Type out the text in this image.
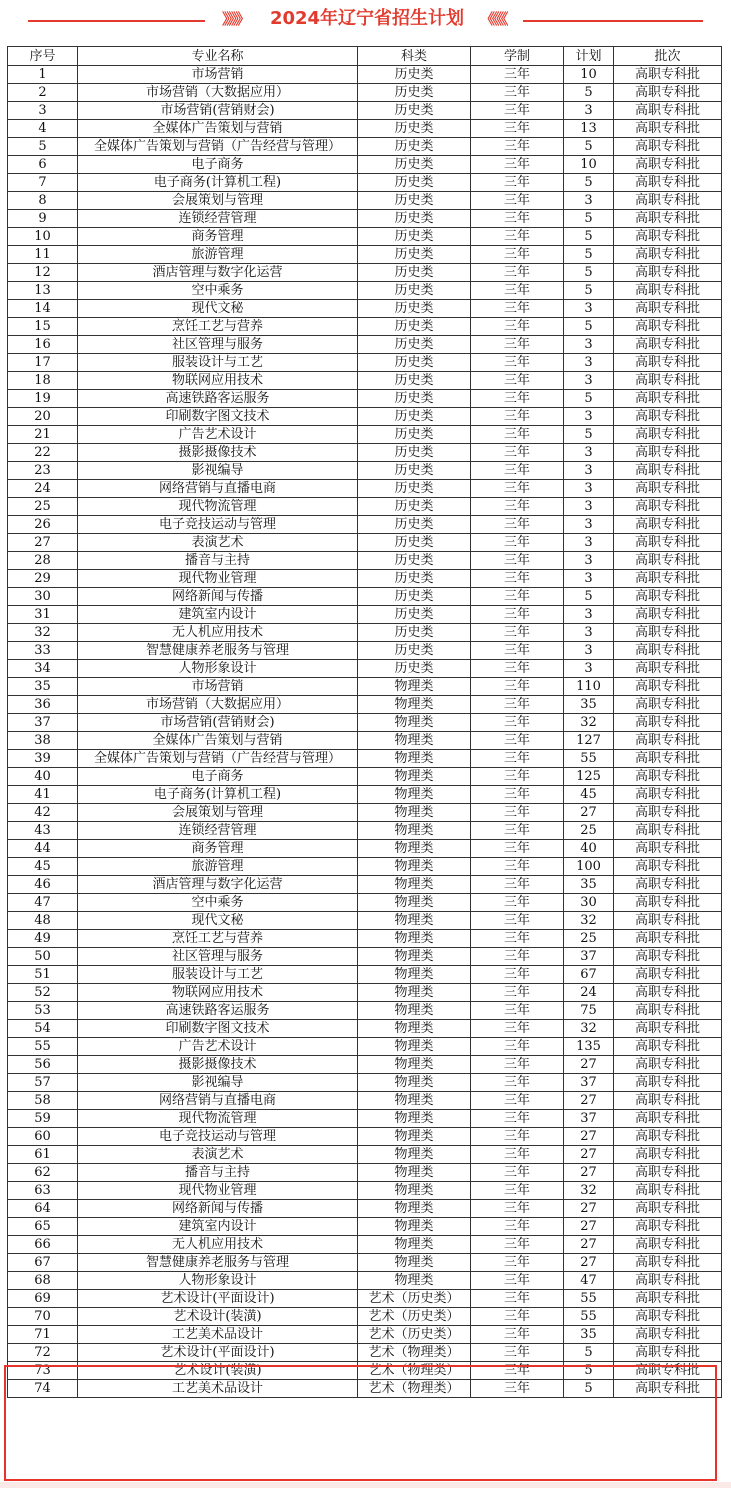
》》》》	2024年辽宁省招生计划	《《《《
序号	专业名称	科类	学制	计划	批次
1	市场营销	历史类	三年	10	高职专科批
2	市场营销（大数据应用）	历史类	三年	5	高职专科批
3	市场营销(营销财会)	历史类	三年	3	高职专科批
4	全媒体广告策划与营销	历史类	三年	13	高职专科批
5	全媒体广告策划与营销（广告经营与管理）	历史类	三年	5	高职专科批
6	电子商务	历史类	三年	10	高职专科批
7	电子商务(计算机工程)	历史类	三年	5	高职专科批
8	会展策划与管理	历史类	三年	3	高职专科批
9	连锁经营管理	历史类	三年	5	高职专科批
10	商务管理	历史类	三年	5	高职专科批
11	旅游管理	历史类	三年	5	高职专科批
12	酒店管理与数字化运营	历史类	三年	5	高职专科批
13	空中乘务	历史类	三年	5	高职专科批
14	现代文秘	历史类	三年	3	高职专科批
15	烹饪工艺与营养	历史类	三年	5	高职专科批
16	社区管理与服务	历史类	三年	3	高职专科批
17	服装设计与工艺	历史类	三年	3	高职专科批
18	物联网应用技术	历史类	三年	3	高职专科批
19	高速铁路客运服务	历史类	三年	5	高职专科批
20	印刷数字图文技术	历史类	三年	3	高职专科批
21	广告艺术设计	历史类	三年	5	高职专科批
22	摄影摄像技术	历史类	三年	3	高职专科批
23	影视编导	历史类	三年	3	高职专科批
24	网络营销与直播电商	历史类	三年	3	高职专科批
25	现代物流管理	历史类	三年	3	高职专科批
26	电子竞技运动与管理	历史类	三年	3	高职专科批
27	表演艺术	历史类	三年	3	高职专科批
28	播音与主持	历史类	三年	3	高职专科批
29	现代物业管理	历史类	三年	3	高职专科批
30	网络新闻与传播	历史类	三年	5	高职专科批
31	建筑室内设计	历史类	三年	3	高职专科批
32	无人机应用技术	历史类	三年	3	高职专科批
33	智慧健康养老服务与管理	历史类	三年	3	高职专科批
34	人物形象设计	历史类	三年	3	高职专科批
35	市场营销	物理类	三年	110	高职专科批
36	市场营销（大数据应用）	物理类	三年	35	高职专科批
37	市场营销(营销财会)	物理类	三年	32	高职专科批
38	全媒体广告策划与营销	物理类	三年	127	高职专科批
39	全媒体广告策划与营销（广告经营与管理）	物理类	三年	55	高职专科批
40	电子商务	物理类	三年	125	高职专科批
41	电子商务(计算机工程)	物理类	三年	45	高职专科批
42	会展策划与管理	物理类	三年	27	高职专科批
43	连锁经营管理	物理类	三年	25	高职专科批
44	商务管理	物理类	三年	40	高职专科批
45	旅游管理	物理类	三年	100	高职专科批
46	酒店管理与数字化运营	物理类	三年	35	高职专科批
47	空中乘务	物理类	三年	30	高职专科批
48	现代文秘	物理类	三年	32	高职专科批
49	烹饪工艺与营养	物理类	三年	25	高职专科批
50	社区管理与服务	物理类	三年	37	高职专科批
51	服装设计与工艺	物理类	三年	67	高职专科批
52	物联网应用技术	物理类	三年	24	高职专科批
53	高速铁路客运服务	物理类	三年	75	高职专科批
54	印刷数字图文技术	物理类	三年	32	高职专科批
55	广告艺术设计	物理类	三年	135	高职专科批
56	摄影摄像技术	物理类	三年	27	高职专科批
57	影视编导	物理类	三年	37	高职专科批
58	网络营销与直播电商	物理类	三年	27	高职专科批
59	现代物流管理	物理类	三年	37	高职专科批
60	电子竞技运动与管理	物理类	三年	27	高职专科批
61	表演艺术	物理类	三年	27	高职专科批
62	播音与主持	物理类	三年	27	高职专科批
63	现代物业管理	物理类	三年	32	高职专科批
64	网络新闻与传播	物理类	三年	27	高职专科批
65	建筑室内设计	物理类	三年	27	高职专科批
66	无人机应用技术	物理类	三年	27	高职专科批
67	智慧健康养老服务与管理	物理类	三年	27	高职专科批
68	人物形象设计	物理类	三年	47	高职专科批
69	艺术设计(平面设计)	艺术（历史类）	三年	55	高职专科批
70	艺术设计(装潢)	艺术（历史类）	三年	55	高职专科批
71	工艺美术品设计	艺术（历史类）	三年	35	高职专科批
72	艺术设计(平面设计)	艺术（物理类）	三年	5	高职专科批
73	艺术设计(装潢)	艺术（物理类）	三年	5	高职专科批
74	工艺美术品设计	艺术（物理类）	三年	5	高职专科批
